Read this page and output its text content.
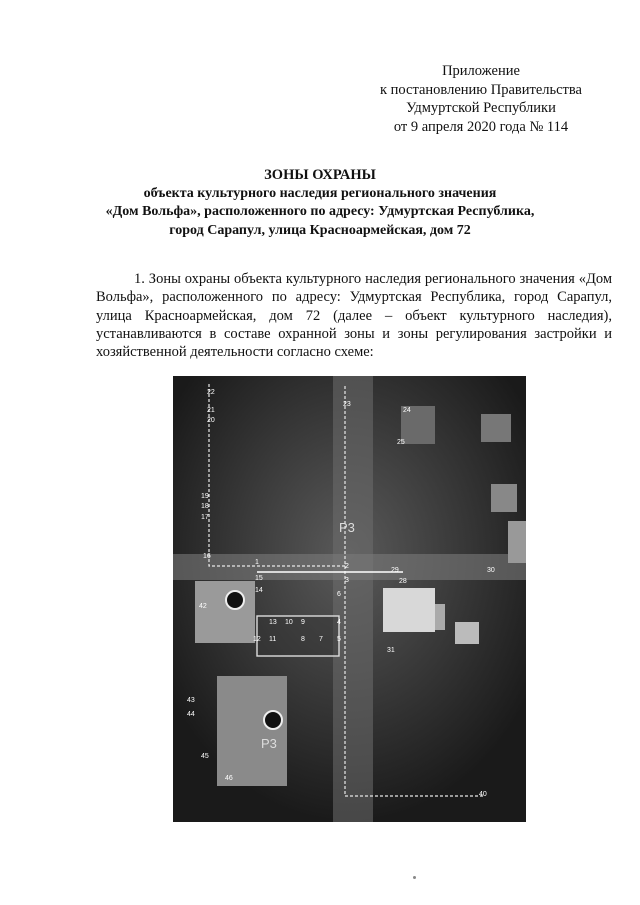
Приложение
к постановлению Правительства
Удмуртской Республики
от 9 апреля 2020 года № 114
ЗОНЫ ОХРАНЫ
объекта культурного наследия регионального значения
«Дом Вольфа», расположенного по адресу: Удмуртская Республика,
город Сарапул, улица Красноармейская, дом 72
1. Зоны охраны объекта культурного наследия регионального значения «Дом Вольфа», расположенного по адресу: Удмуртская Республика, город Сарапул, улица Красноармейская, дом 72 (далее – объект культурного наследия), устанавливаются в составе охранной зоны и зоны регулирования застройки и хозяйственной деятельности согласно схеме:
Р3
Р3
22
21
20
23
24
25
19
18
17
16
1
2
3
29
28
30
42
6
15
14
13
12 11
10 9
8 7
4
5
31
43
44
45
46
40
